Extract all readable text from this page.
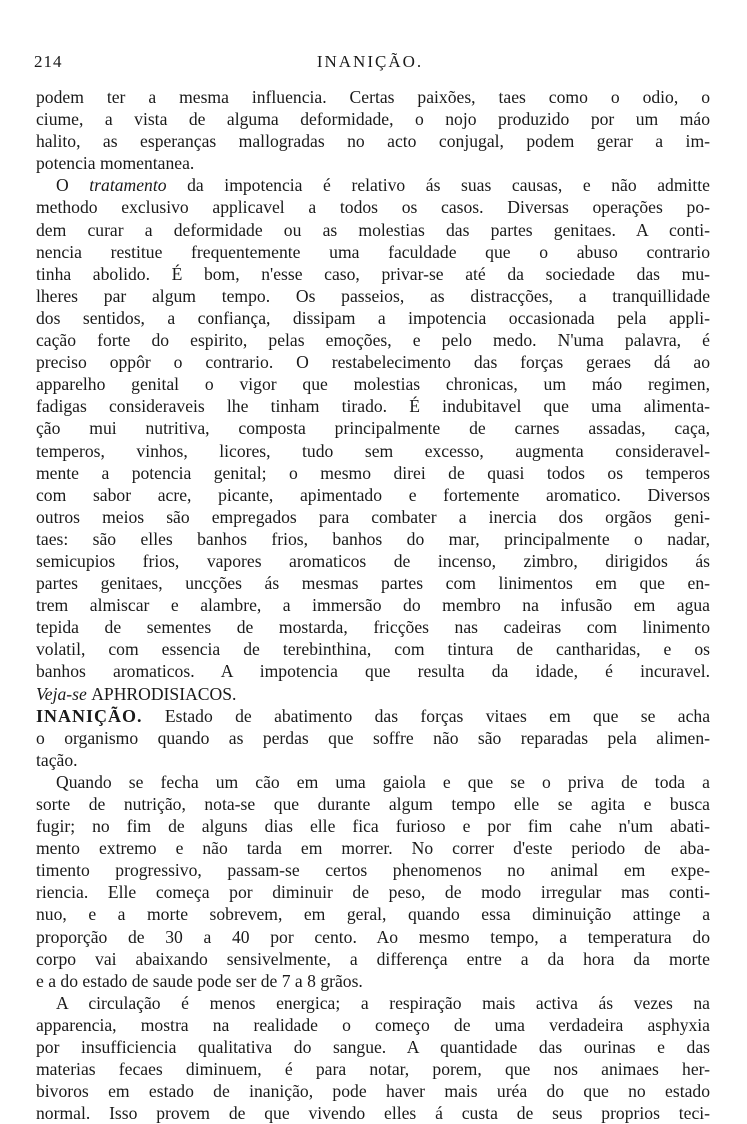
214	INANIÇÃO.
podem ter a mesma influencia. Certas paixões, taes como o odio, o
ciume, a vista de alguma deformidade, o nojo produzido por um máo
halito, as esperanças mallogradas no acto conjugal, podem gerar a im-
potencia momentanea.
O tratamento da impotencia é relativo ás suas causas, e não admitte
methodo exclusivo applicavel a todos os casos. Diversas operações po-
dem curar a deformidade ou as molestias das partes genitaes. A conti-
nencia restitue frequentemente uma faculdade que o abuso contrario
tinha abolido. É bom, n'esse caso, privar-se até da sociedade das mu-
lheres par algum tempo. Os passeios, as distracções, a tranquillidade
dos sentidos, a confiança, dissipam a impotencia occasionada pela appli-
cação forte do espirito, pelas emoções, e pelo medo. N'uma palavra, é
preciso oppôr o contrario. O restabelecimento das forças geraes dá ao
apparelho genital o vigor que molestias chronicas, um máo regimen,
fadigas consideraveis lhe tinham tirado. É indubitavel que uma alimenta-
ção mui nutritiva, composta principalmente de carnes assadas, caça,
temperos, vinhos, licores, tudo sem excesso, augmenta consideravel-
mente a potencia genital; o mesmo direi de quasi todos os temperos
com sabor acre, picante, apimentado e fortemente aromatico. Diversos
outros meios são empregados para combater a inercia dos orgãos geni-
taes: são elles banhos frios, banhos do mar, principalmente o nadar,
semicupios frios, vapores aromaticos de incenso, zimbro, dirigidos ás
partes genitaes, uncções ás mesmas partes com linimentos em que en-
trem almiscar e alambre, a immersão do membro na infusão em agua
tepida de sementes de mostarda, fricções nas cadeiras com linimento
volatil, com essencia de terebinthina, com tintura de cantharidas, e os
banhos aromaticos. A impotencia que resulta da idade, é incuravel.
Veja-se APHRODISIACOS.
INANIÇÃO. Estado de abatimento das forças vitaes em que se acha
o organismo quando as perdas que soffre não são reparadas pela alimen-
tação.
Quando se fecha um cão em uma gaiola e que se o priva de toda a
sorte de nutrição, nota-se que durante algum tempo elle se agita e busca
fugir; no fim de alguns dias elle fica furioso e por fim cahe n'um abati-
mento extremo e não tarda em morrer. No correr d'este periodo de aba-
timento progressivo, passam-se certos phenomenos no animal em expe-
riencia. Elle começa por diminuir de peso, de modo irregular mas conti-
nuo, e a morte sobrevem, em geral, quando essa diminuição attinge a
proporção de 30 a 40 por cento. Ao mesmo tempo, a temperatura do
corpo vai abaixando sensivelmente, a differença entre a da hora da morte
e a do estado de saude pode ser de 7 a 8 grãos.
A circulação é menos energica; a respiração mais activa ás vezes na
apparencia, mostra na realidade o começo de uma verdadeira asphyxia
por insufficiencia qualitativa do sangue. A quantidade das ourinas e das
materias fecaes diminuem, é para notar, porem, que nos animaes her-
bivoros em estado de inanição, pode haver mais uréa do que no estado
normal. Isso provem de que vivendo elles á custa de seus proprios teci-
